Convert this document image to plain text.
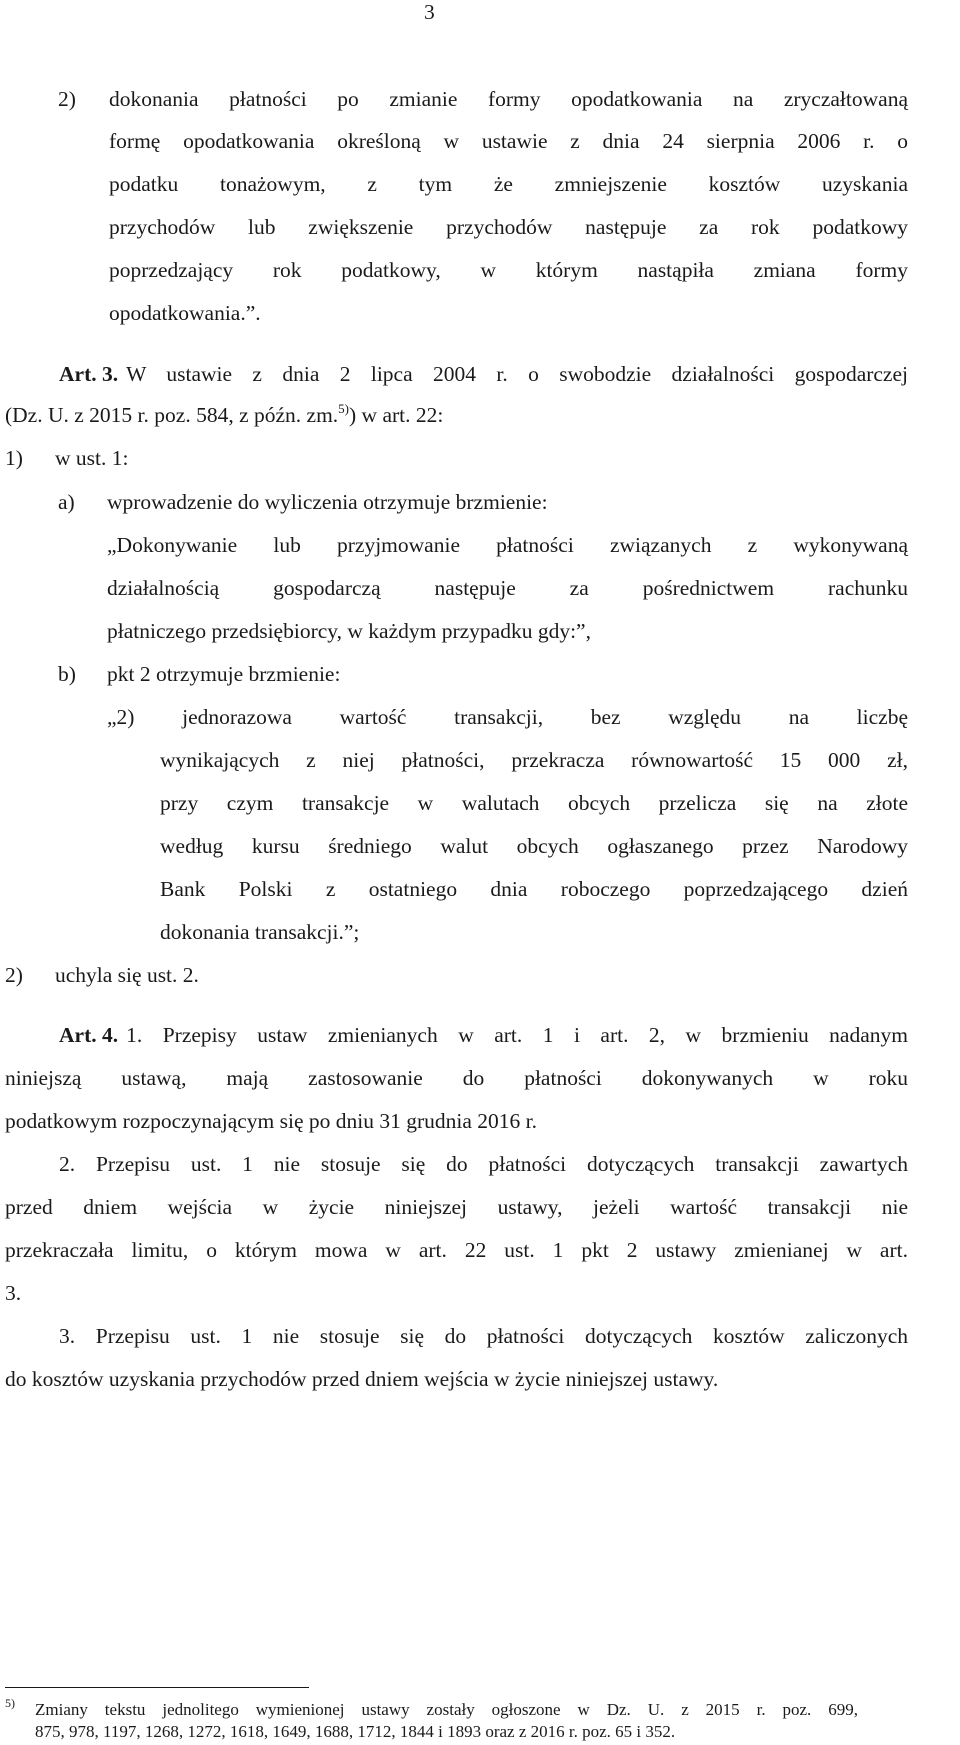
3
2) dokonania płatności po zmianie formy opodatkowania na zryczałtowaną
formę opodatkowania określoną w ustawie z dnia 24 sierpnia 2006 r. o
podatku tonażowym, z tym że zmniejszenie kosztów uzyskania
przychodów lub zwiększenie przychodów następuje za rok podatkowy
poprzedzający rok podatkowy, w którym nastąpiła zmiana formy
opodatkowania.”.
Art. 3. W ustawie z dnia 2 lipca 2004 r. o swobodzie działalności gospodarczej
(Dz. U. z 2015 r. poz. 584, z późn. zm.$^{5)}$) w art. 22:
1) w ust. 1:
a) wprowadzenie do wyliczenia otrzymuje brzmienie:
„Dokonywanie lub przyjmowanie płatności związanych z wykonywaną
działalnością gospodarczą następuje za pośrednictwem rachunku
płatniczego przedsiębiorcy, w każdym przypadku gdy:”,
b) pkt 2 otrzymuje brzmienie:
„2) jednorazowa wartość transakcji, bez względu na liczbę
wynikających z niej płatności, przekracza równowartość 15 000 zł,
przy czym transakcje w walutach obcych przelicza się na złote
według kursu średniego walut obcych ogłaszanego przez Narodowy
Bank Polski z ostatniego dnia roboczego poprzedzającego dzień
dokonania transakcji.”;
2) uchyla się ust. 2.
Art. 4. 1. Przepisy ustaw zmienianych w art. 1 i art. 2, w brzmieniu nadanym
niniejszą ustawą, mają zastosowanie do płatności dokonywanych w roku
podatkowym rozpoczynającym się po dniu 31 grudnia 2016 r.
2. Przepisu ust. 1 nie stosuje się do płatności dotyczących transakcji zawartych
przed dniem wejścia w życie niniejszej ustawy, jeżeli wartość transakcji nie
przekraczała limitu, o którym mowa w art. 22 ust. 1 pkt 2 ustawy zmienianej w art.
3.
3. Przepisu ust. 1 nie stosuje się do płatności dotyczących kosztów zaliczonych
do kosztów uzyskania przychodów przed dniem wejścia w życie niniejszej ustawy.
5) Zmiany tekstu jednolitego wymienionej ustawy zostały ogłoszone w Dz. U. z 2015 r. poz. 699,
875, 978, 1197, 1268, 1272, 1618, 1649, 1688, 1712, 1844 i 1893 oraz z 2016 r. poz. 65 i 352.
